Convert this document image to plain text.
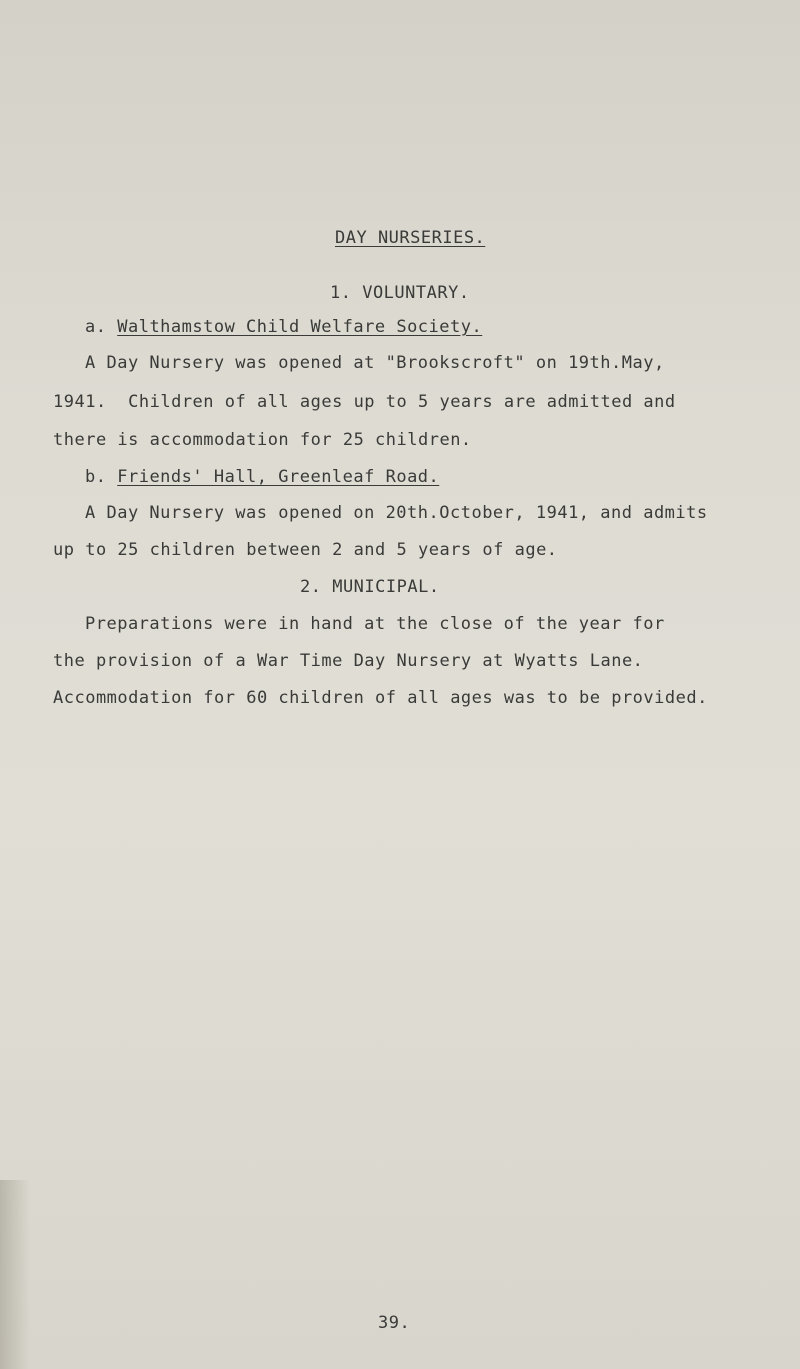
DAY NURSERIES.
1. VOLUNTARY.
a. Walthamstow Child Welfare Society.
A Day Nursery was opened at "Brookscroft" on 19th.May,
1941.  Children of all ages up to 5 years are admitted and
there is accommodation for 25 children.
b. Friends' Hall, Greenleaf Road.
A Day Nursery was opened on 20th.October, 1941, and admits
up to 25 children between 2 and 5 years of age.
2. MUNICIPAL.
Preparations were in hand at the close of the year for
the provision of a War Time Day Nursery at Wyatts Lane.
Accommodation for 60 children of all ages was to be provided.
39.
